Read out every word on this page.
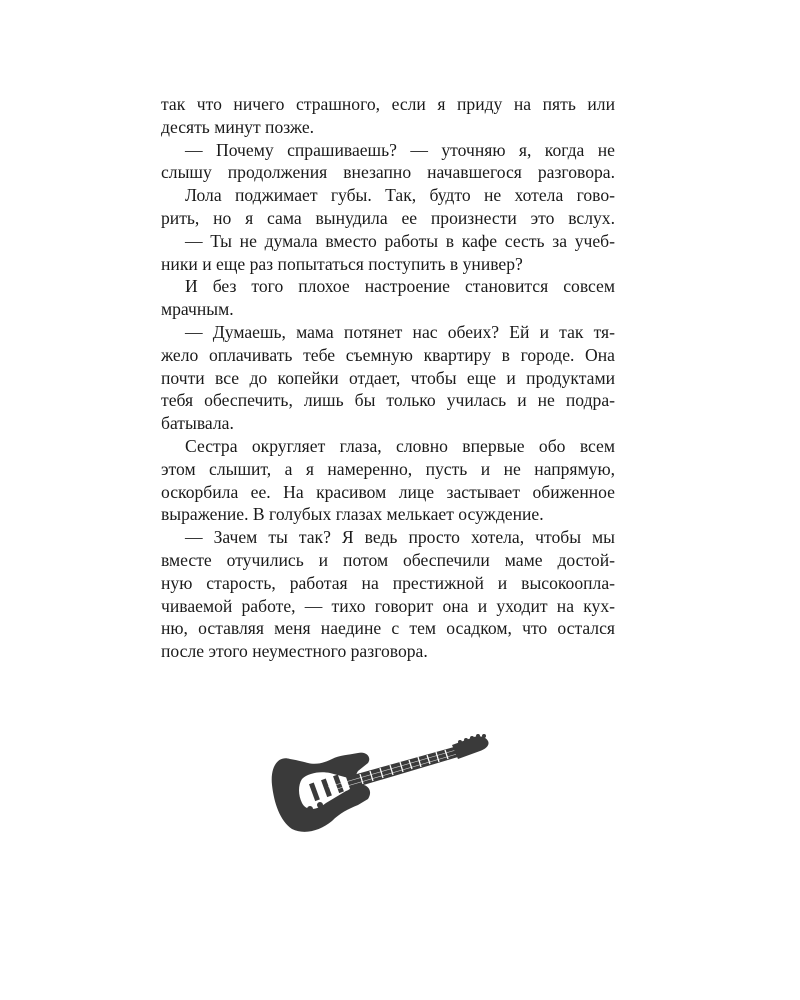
так что ничего страшного, если я приду на пять или
десять минут позже.
— Почему спрашиваешь? — уточняю я, когда не
слышу продолжения внезапно начавшегося разговора.
Лола поджимает губы. Так, будто не хотела гово-
рить, но я сама вынудила ее произнести это вслух.
— Ты не думала вместо работы в кафе сесть за учеб-
ники и еще раз попытаться поступить в универ?
И без того плохое настроение становится совсем
мрачным.
— Думаешь, мама потянет нас обеих? Ей и так тя-
жело оплачивать тебе съемную квартиру в городе. Она
почти все до копейки отдает, чтобы еще и продуктами
тебя обеспечить, лишь бы только училась и не подра-
батывала.
Сестра округляет глаза, словно впервые обо всем
этом слышит, а я намеренно, пусть и не напрямую,
оскорбила ее. На красивом лице застывает обиженное
выражение. В голубых глазах мелькает осуждение.
— Зачем ты так? Я ведь просто хотела, чтобы мы
вместе отучились и потом обеспечили маме достой-
ную старость, работая на престижной и высокоопла-
чиваемой работе, — тихо говорит она и уходит на кух-
ню, оставляя меня наедине с тем осадком, что остался
после этого неуместного разговора.
